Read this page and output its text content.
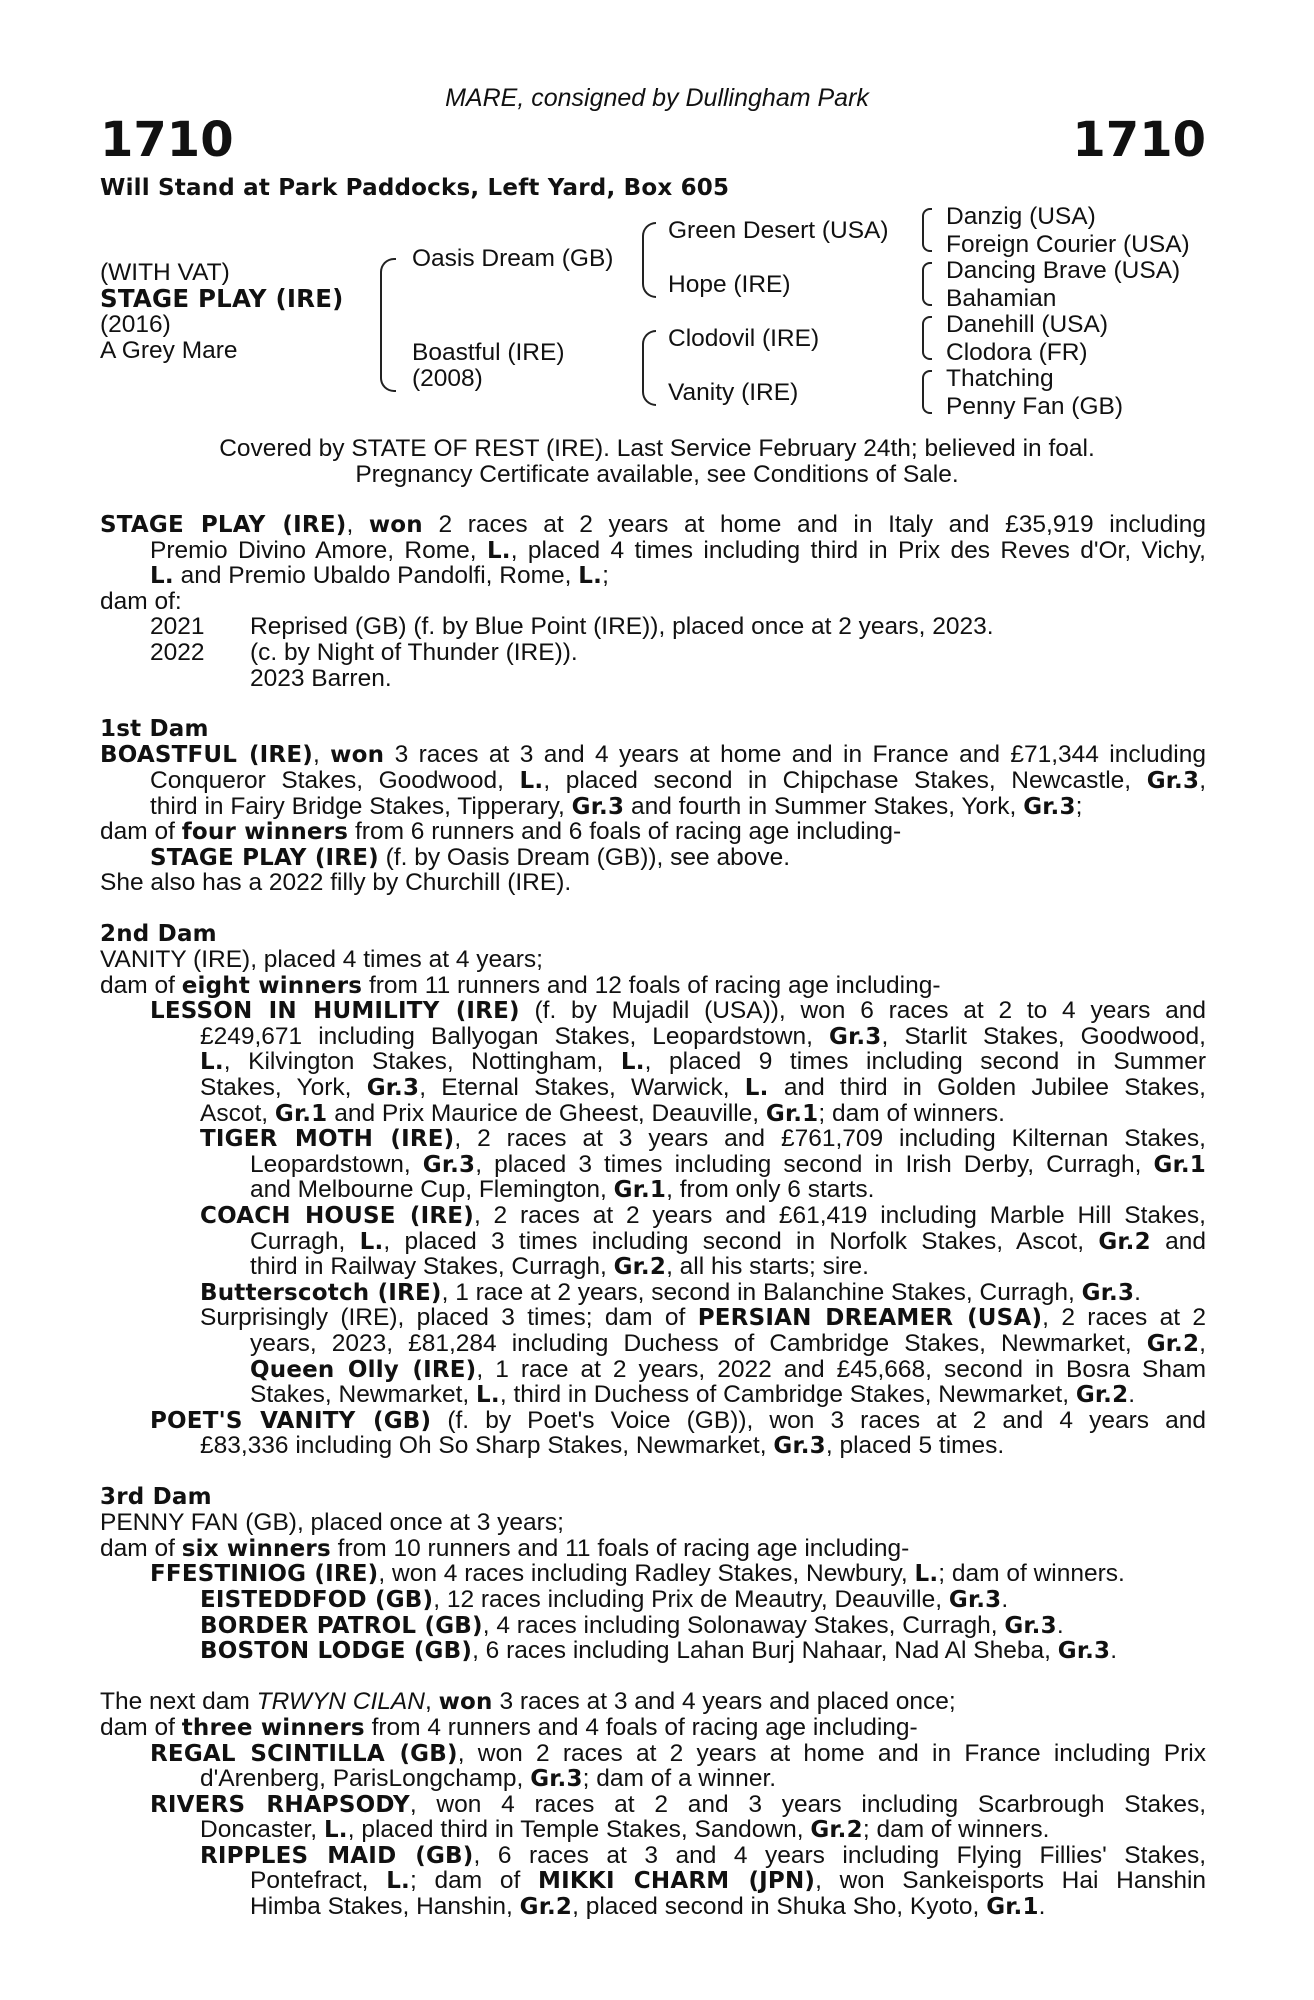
MARE, consigned by Dullingham Park
1710	1710
Will Stand at Park Paddocks, Left Yard, Box 605
(WITH VAT)
STAGE PLAY (IRE)
(2016)
A Grey Mare
Oasis Dream (GB)
Boastful (IRE)
(2008)
Green Desert (USA)
Hope (IRE)
Clodovil (IRE)
Vanity (IRE)
Danzig (USA)
Foreign Courier (USA)
Dancing Brave (USA)
Bahamian
Danehill (USA)
Clodora (FR)
Thatching
Penny Fan (GB)
Covered by STATE OF REST (IRE). Last Service February 24th; believed in foal.
Pregnancy Certificate available, see Conditions of Sale.
STAGE PLAY (IRE), won 2 races at 2 years at home and in Italy and £35,919 including
Premio Divino Amore, Rome, L., placed 4 times including third in Prix des Reves d'Or, Vichy,
L. and Premio Ubaldo Pandolfi, Rome, L.;
dam of:
2021 Reprised (GB) (f. by Blue Point (IRE)), placed once at 2 years, 2023.
2022 (c. by Night of Thunder (IRE)).
2023 Barren.
1st Dam
BOASTFUL (IRE), won 3 races at 3 and 4 years at home and in France and £71,344 including
Conqueror Stakes, Goodwood, L., placed second in Chipchase Stakes, Newcastle, Gr.3,
third in Fairy Bridge Stakes, Tipperary, Gr.3 and fourth in Summer Stakes, York, Gr.3;
dam of four winners from 6 runners and 6 foals of racing age including-
STAGE PLAY (IRE) (f. by Oasis Dream (GB)), see above.
She also has a 2022 filly by Churchill (IRE).
2nd Dam
VANITY (IRE), placed 4 times at 4 years;
dam of eight winners from 11 runners and 12 foals of racing age including-
LESSON IN HUMILITY (IRE) (f. by Mujadil (USA)), won 6 races at 2 to 4 years and
£249,671 including Ballyogan Stakes, Leopardstown, Gr.3, Starlit Stakes, Goodwood,
L., Kilvington Stakes, Nottingham, L., placed 9 times including second in Summer
Stakes, York, Gr.3, Eternal Stakes, Warwick, L. and third in Golden Jubilee Stakes,
Ascot, Gr.1 and Prix Maurice de Gheest, Deauville, Gr.1; dam of winners.
TIGER MOTH (IRE), 2 races at 3 years and £761,709 including Kilternan Stakes,
Leopardstown, Gr.3, placed 3 times including second in Irish Derby, Curragh, Gr.1
and Melbourne Cup, Flemington, Gr.1, from only 6 starts.
COACH HOUSE (IRE), 2 races at 2 years and £61,419 including Marble Hill Stakes,
Curragh, L., placed 3 times including second in Norfolk Stakes, Ascot, Gr.2 and
third in Railway Stakes, Curragh, Gr.2, all his starts; sire.
Butterscotch (IRE), 1 race at 2 years, second in Balanchine Stakes, Curragh, Gr.3.
Surprisingly (IRE), placed 3 times; dam of PERSIAN DREAMER (USA), 2 races at 2
years, 2023, £81,284 including Duchess of Cambridge Stakes, Newmarket, Gr.2,
Queen Olly (IRE), 1 race at 2 years, 2022 and £45,668, second in Bosra Sham
Stakes, Newmarket, L., third in Duchess of Cambridge Stakes, Newmarket, Gr.2.
POET'S VANITY (GB) (f. by Poet's Voice (GB)), won 3 races at 2 and 4 years and
£83,336 including Oh So Sharp Stakes, Newmarket, Gr.3, placed 5 times.
3rd Dam
PENNY FAN (GB), placed once at 3 years;
dam of six winners from 10 runners and 11 foals of racing age including-
FFESTINIOG (IRE), won 4 races including Radley Stakes, Newbury, L.; dam of winners.
EISTEDDFOD (GB), 12 races including Prix de Meautry, Deauville, Gr.3.
BORDER PATROL (GB), 4 races including Solonaway Stakes, Curragh, Gr.3.
BOSTON LODGE (GB), 6 races including Lahan Burj Nahaar, Nad Al Sheba, Gr.3.
The next dam TRWYN CILAN, won 3 races at 3 and 4 years and placed once;
dam of three winners from 4 runners and 4 foals of racing age including-
REGAL SCINTILLA (GB), won 2 races at 2 years at home and in France including Prix
d'Arenberg, ParisLongchamp, Gr.3; dam of a winner.
RIVERS RHAPSODY, won 4 races at 2 and 3 years including Scarbrough Stakes,
Doncaster, L., placed third in Temple Stakes, Sandown, Gr.2; dam of winners.
RIPPLES MAID (GB), 6 races at 3 and 4 years including Flying Fillies' Stakes,
Pontefract, L.; dam of MIKKI CHARM (JPN), won Sankeisports Hai Hanshin
Himba Stakes, Hanshin, Gr.2, placed second in Shuka Sho, Kyoto, Gr.1.
